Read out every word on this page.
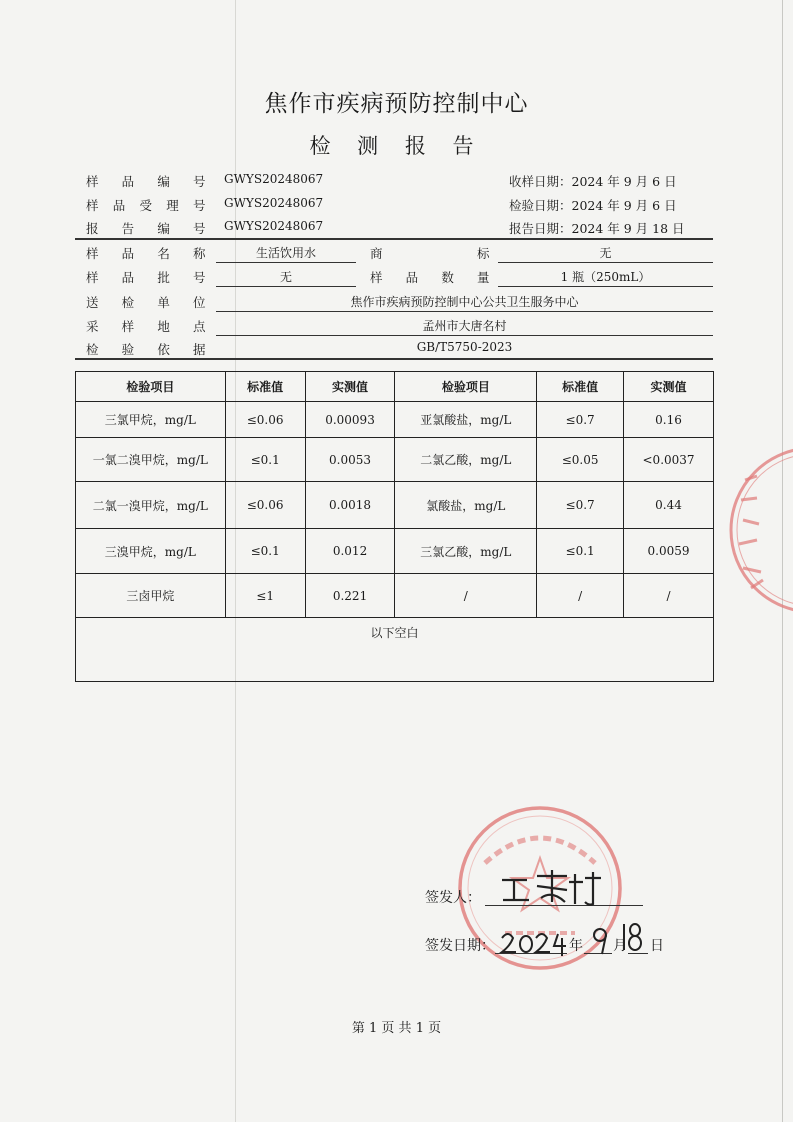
焦作市疾病预防控制中心
检 测 报 告
样 品 编 号 GWYS20248067	收样日期：2024 年 9 月 6 日
样 品 受 理 号 GWYS20248067	检验日期：2024 年 9 月 6 日
报 告 编 号 GWYS20248067	报告日期：2024 年 9 月 18 日
样 品 名 称	生活饮用水	商	标	无
样 品 批 号	无	样 品 数 量	1 瓶（250mL）
送 检 单 位	焦作市疾病预防控制中心公共卫生服务中心
采 样 地 点	孟州市大唐名村
检 验 依 据	GB/T5750-2023
检验项目	标准值	实测值	检验项目	标准值	实测值
三氯甲烷，mg/L	≤0.06	0.00093	亚氯酸盐，mg/L	≤0.7	0.16
一氯二溴甲烷，mg/L	≤0.1	0.0053	二氯乙酸，mg/L	≤0.05	<0.0037
二氯一溴甲烷，mg/L	≤0.06	0.0018	氯酸盐，mg/L	≤0.7	0.44
三溴甲烷，mg/L	≤0.1	0.012	三氯乙酸，mg/L	≤0.1	0.0059
三卤甲烷	≤1	0.221	/	/	/
以下空白					
签发人：
签发日期：	年 月 日
第 1 页 共 1 页
